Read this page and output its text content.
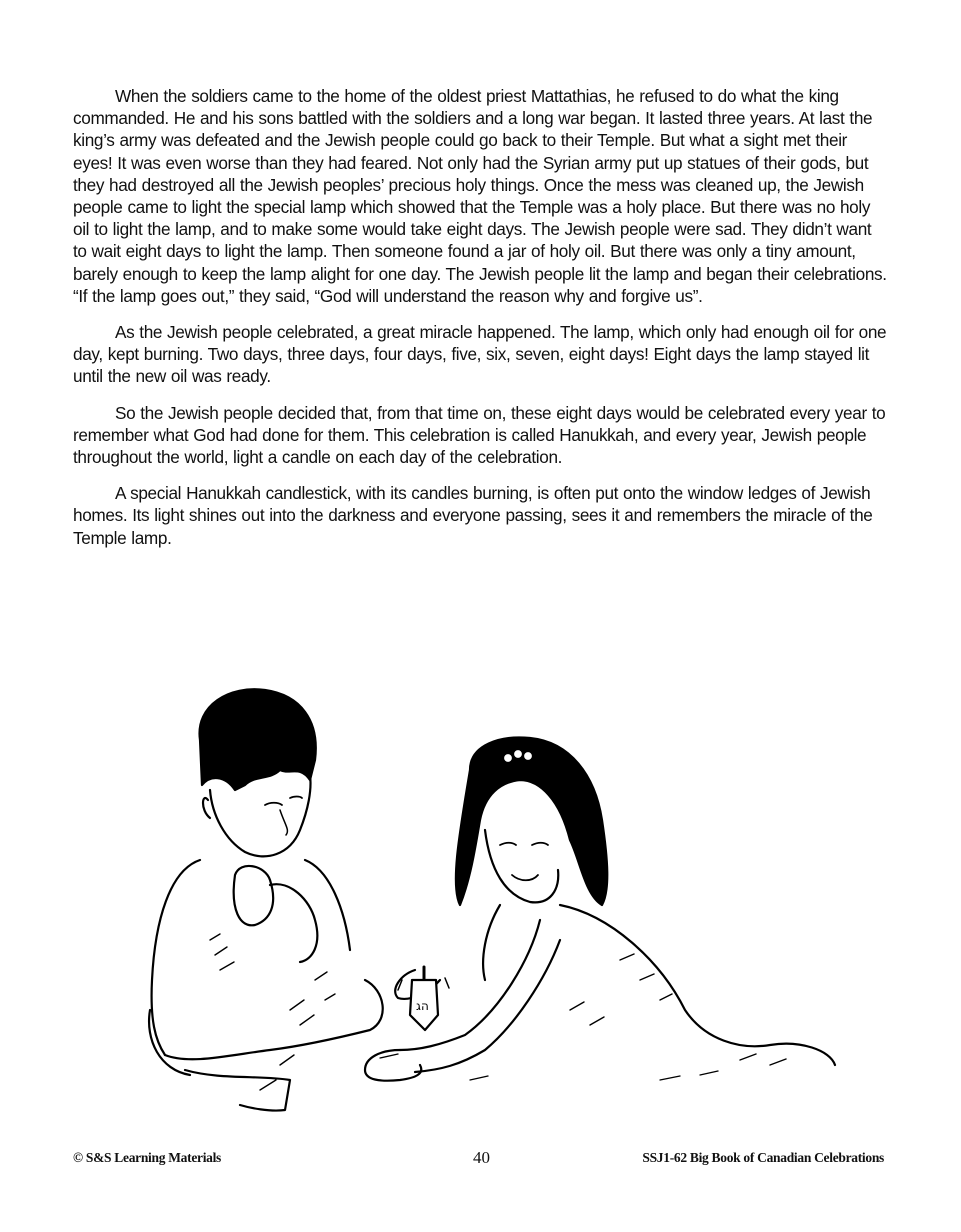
When the soldiers came to the home of the oldest priest Mattathias, he refused to do what the king commanded. He and his sons battled with the soldiers and a long war began. It lasted three years. At last the king’s army was defeated and the Jewish people could go back to their Temple. But what a sight met their eyes! It was even worse than they had feared. Not only had the Syrian army put up statues of their gods, but they had destroyed all the Jewish peoples’ precious holy things. Once the mess was cleaned up, the Jewish people came to light the special lamp which showed that the Temple was a holy place. But there was no holy oil to light the lamp, and to make some would take eight days. The Jewish people were sad. They didn’t want to wait eight days to light the lamp. Then someone found a jar of holy oil. But there was only a tiny amount, barely enough to keep the lamp alight for one day. The Jewish people lit the lamp and began their celebrations. “If the lamp goes out,” they said, “God will understand the reason why and forgive us”.

As the Jewish people celebrated, a great miracle happened. The lamp, which only had enough oil for one day, kept burning. Two days, three days, four days, five, six, seven, eight days! Eight days the lamp stayed lit until the new oil was ready.

So the Jewish people decided that, from that time on, these eight days would be celebrated every year to remember what God had done for them. This celebration is called Hanukkah, and every year, Jewish people throughout the world, light a candle on each day of the celebration.

A special Hanukkah candlestick, with its candles burning, is often put onto the window ledges of Jewish homes. Its light shines out into the darkness and everyone passing, sees it and remembers the miracle of the Temple lamp.

הג
© S&S Learning Materials	40	SSJ1-62 Big Book of Canadian Celebrations
